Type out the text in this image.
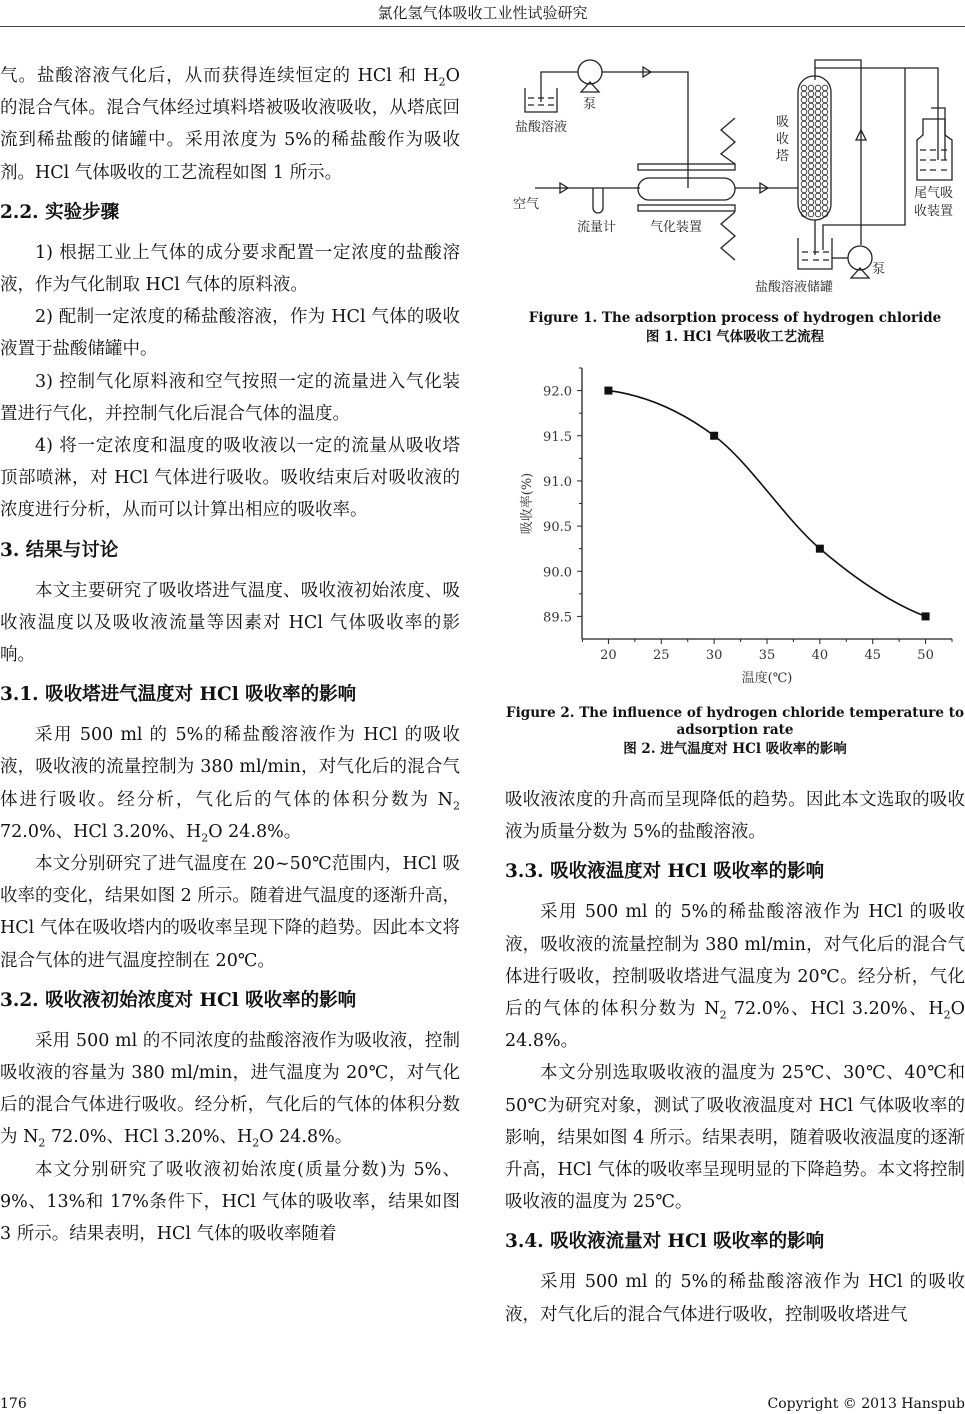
氯化氢气体吸收工业性试验研究

气。盐酸溶液气化后，从而获得连续恒定的 HCl 和 $H_2O$ 的混合气体。混合气体经过填料塔被吸收液吸收，从塔底回流到稀盐酸的储罐中。采用浓度为 5%的稀盐酸作为吸收剂。HCl 气体吸收的工艺流程如图 1 所示。

2.2. 实验步骤

1) 根据工业上气体的成分要求配置一定浓度的盐酸溶液，作为气化制取 HCl 气体的原料液。

2) 配制一定浓度的稀盐酸溶液，作为 HCl 气体的吸收液置于盐酸储罐中。

3) 控制气化原料液和空气按照一定的流量进入气化装置进行气化，并控制气化后混合气体的温度。

4) 将一定浓度和温度的吸收液以一定的流量从吸收塔顶部喷淋，对 HCl 气体进行吸收。吸收结束后对吸收液的浓度进行分析，从而可以计算出相应的吸收率。

3. 结果与讨论

本文主要研究了吸收塔进气温度、吸收液初始浓度、吸收液温度以及吸收液流量等因素对 HCl 气体吸收率的影响。

3.1. 吸收塔进气温度对 HCl 吸收率的影响

采用 500 ml 的 5%的稀盐酸溶液作为 HCl 的吸收液，吸收液的流量控制为 380 ml/min，对气化后的混合气体进行吸收。经分析，气化后的气体的体积分数为 $N_2$ 72.0%、HCl 3.20%、$H_2O$ 24.8%。

本文分别研究了进气温度在 20~50℃范围内，HCl 吸收率的变化，结果如图 2 所示。随着进气温度的逐渐升高，HCl 气体在吸收塔内的吸收率呈现下降的趋势。因此本文将混合气体的进气温度控制在 20℃。

3.2. 吸收液初始浓度对 HCl 吸收率的影响

采用 500 ml 的不同浓度的盐酸溶液作为吸收液，控制吸收液的容量为 380 ml/min，进气温度为 20℃，对气化后的混合气体进行吸收。经分析，气化后的气体的体积分数为 $N_2$ 72.0%、HCl 3.20%、$H_2O$ 24.8%。

本文分别研究了吸收液初始浓度(质量分数)为 5%、9%、13%和 17%条件下，HCl 气体的吸收率，结果如图 3 所示。结果表明，HCl 气体的吸收率随着

盐酸溶液
泵
空气
流量计	气化装置
吸
收
塔
尾气吸
收装置
泵
盐酸溶液储罐
Figure 1. The adsorption process of hydrogen chloride
图 1. HCl 气体吸收工艺流程
20	25	30	35	40	45	50
92.0
91.5
91.0
90.5
90.0
89.5
温度(℃)
吸收率(%)
Figure 2. The influence of hydrogen chloride temperature to
adsorption rate
图 2. 进气温度对 HCl 吸收率的影响

吸收液浓度的升高而呈现降低的趋势。因此本文选取的吸收液为质量分数为 5%的盐酸溶液。

3.3. 吸收液温度对 HCl 吸收率的影响

采用 500 ml 的 5%的稀盐酸溶液作为 HCl 的吸收液，吸收液的流量控制为 380 ml/min，对气化后的混合气体进行吸收，控制吸收塔进气温度为 20℃。经分析，气化后的气体的体积分数为 $N_2$ 72.0%、HCl 3.20%、$H_2O$ 24.8%。

本文分别选取吸收液的温度为 25℃、30℃、40℃和 50℃为研究对象，测试了吸收液温度对 HCl 气体吸收率的影响，结果如图 4 所示。结果表明，随着吸收液温度的逐渐升高，HCl 气体的吸收率呈现明显的下降趋势。本文将控制吸收液的温度为 25℃。

3.4. 吸收液流量对 HCl 吸收率的影响

采用 500 ml 的 5%的稀盐酸溶液作为 HCl 的吸收液，对气化后的混合气体进行吸收，控制吸收塔进气

176	Copyright © 2013 Hanspub
